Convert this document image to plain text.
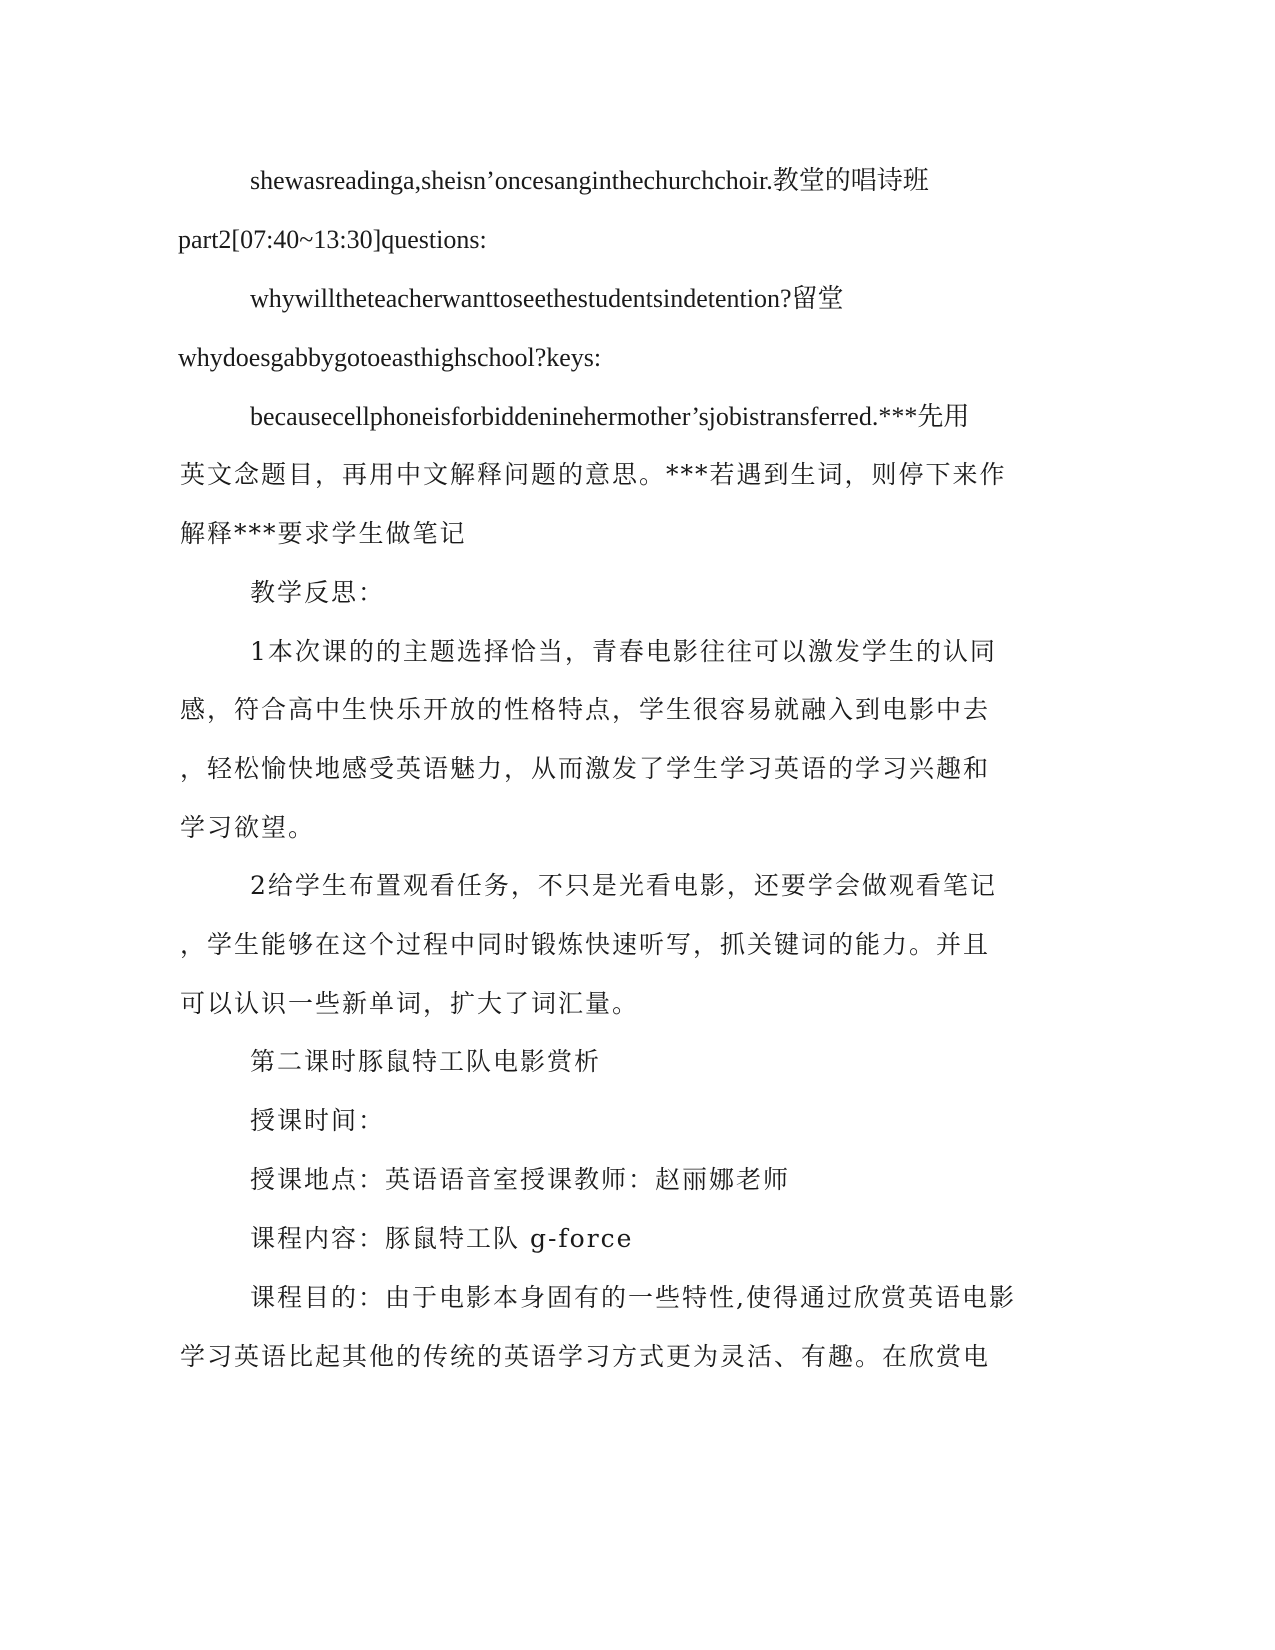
shewasreadinga,sheisn’oncesanginthechurchchoir.教堂的唱诗班
part2[07:40~13:30]questions:
whywilltheteacherwanttoseethestudentsindetention?留堂
whydoesgabbygotoeasthighschool?keys:
becausecellphoneisforbiddeninehermother’sjobistransferred.***先用
英文念题目，再用中文解释问题的意思。***若遇到生词，则停下来作
解释***要求学生做笔记
教学反思：
1本次课的的主题选择恰当，青春电影往往可以激发学生的认同
感，符合高中生快乐开放的性格特点，学生很容易就融入到电影中去
，轻松愉快地感受英语魅力，从而激发了学生学习英语的学习兴趣和
学习欲望。
2给学生布置观看任务，不只是光看电影，还要学会做观看笔记
，学生能够在这个过程中同时锻炼快速听写，抓关键词的能力。并且
可以认识一些新单词，扩大了词汇量。
第二课时豚鼠特工队电影赏析
授课时间：
授课地点：英语语音室授课教师：赵丽娜老师
课程内容：豚鼠特工队 g-force
课程目的：由于电影本身固有的一些特性,使得通过欣赏英语电影
学习英语比起其他的传统的英语学习方式更为灵活、有趣。在欣赏电
